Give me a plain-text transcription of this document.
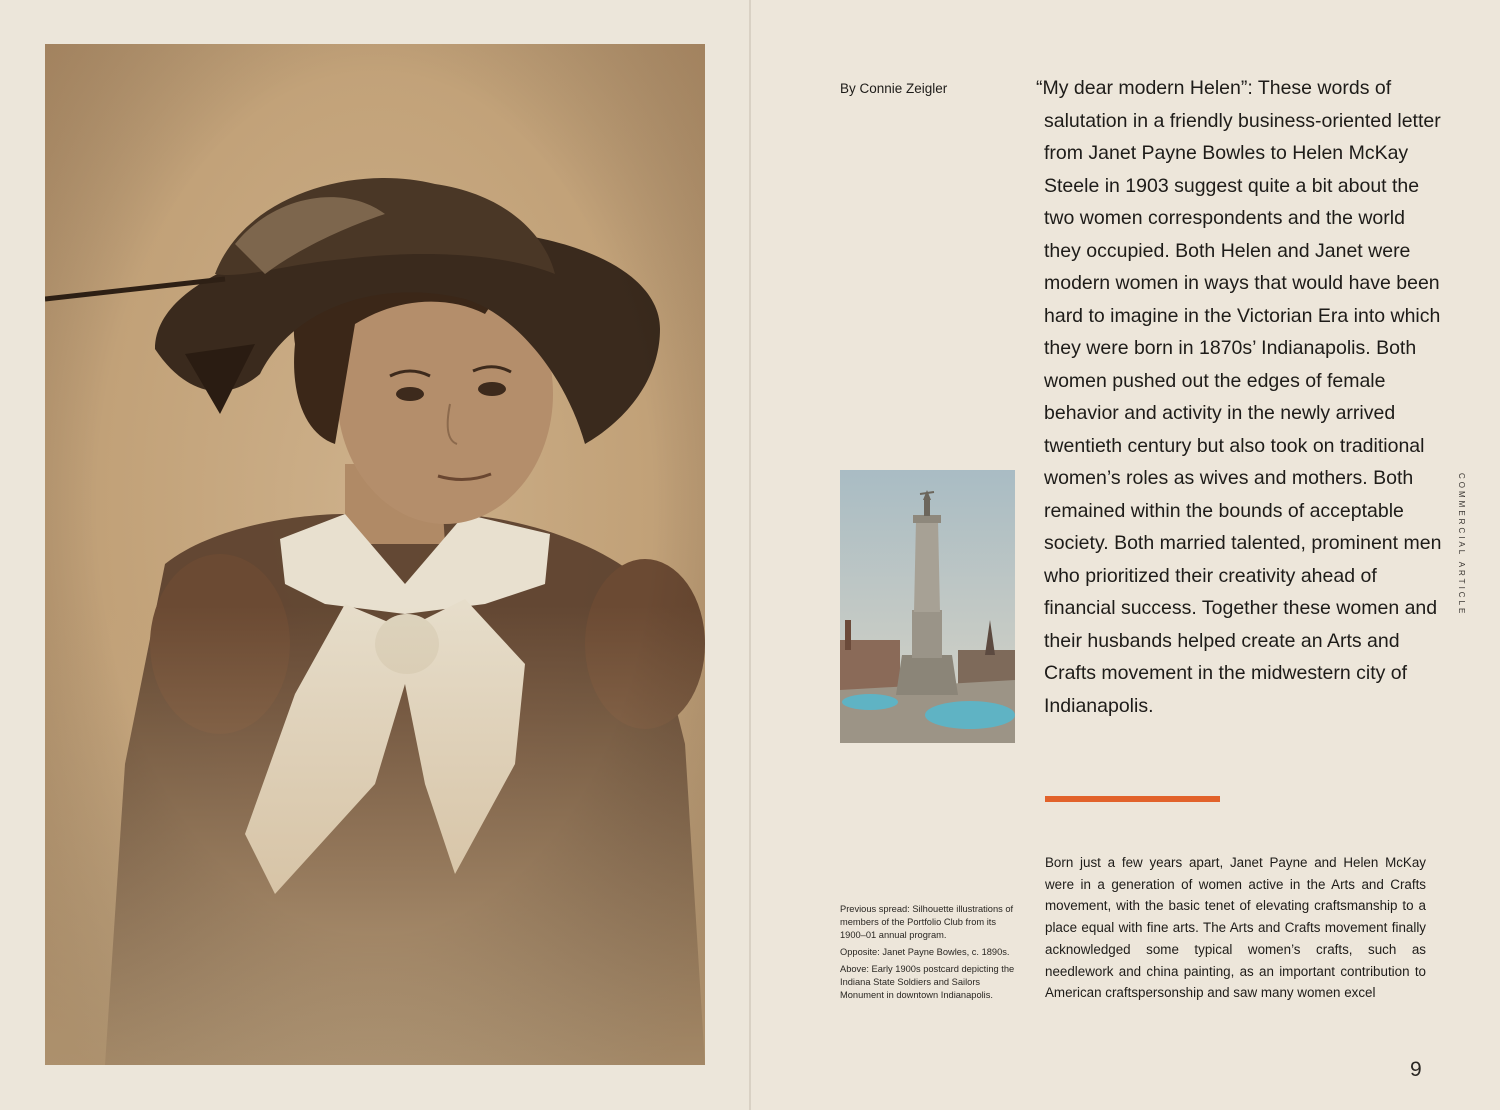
By Connie Zeigler	“My dear modern Helen”: These words of salutation in a friendly business-oriented letter from Janet Payne Bowles to Helen McKay Steele in 1903 suggest quite a bit about the two women correspondents and the world they occupied. Both Helen and Janet were modern women in ways that would have been hard to imagine in the Victorian Era into which they were born in 1870s’ Indianapolis. Both women pushed out the edges of female behavior and activity in the newly arrived twentieth century but also took on traditional women’s roles as wives and mothers. Both remained within the bounds of acceptable society. Both married talented, prominent men who prioritized their creativity ahead of financial success. Together these women and their husbands helped create an Arts and Crafts movement in the midwestern city of Indianapolis.

Previous spread: Silhouette illustrations of members of the Portfolio Club from its 1900–01 annual program.

Opposite: Janet Payne Bowles, c. 1890s.

Above: Early 1900s postcard depicting the Indiana State Soldiers and Sailors Monument in downtown Indianapolis.

Born just a few years apart, Janet Payne and Helen McKay were in a generation of women active in the Arts and Crafts movement, with the basic tenet of elevating craftsmanship to a place equal with fine arts. The Arts and Crafts movement finally acknowledged some typical women’s crafts, such as needlework and china painting, as an important contribution to American craftspersonship and saw many women excel

COMMERCIAL ARTICLE
9
